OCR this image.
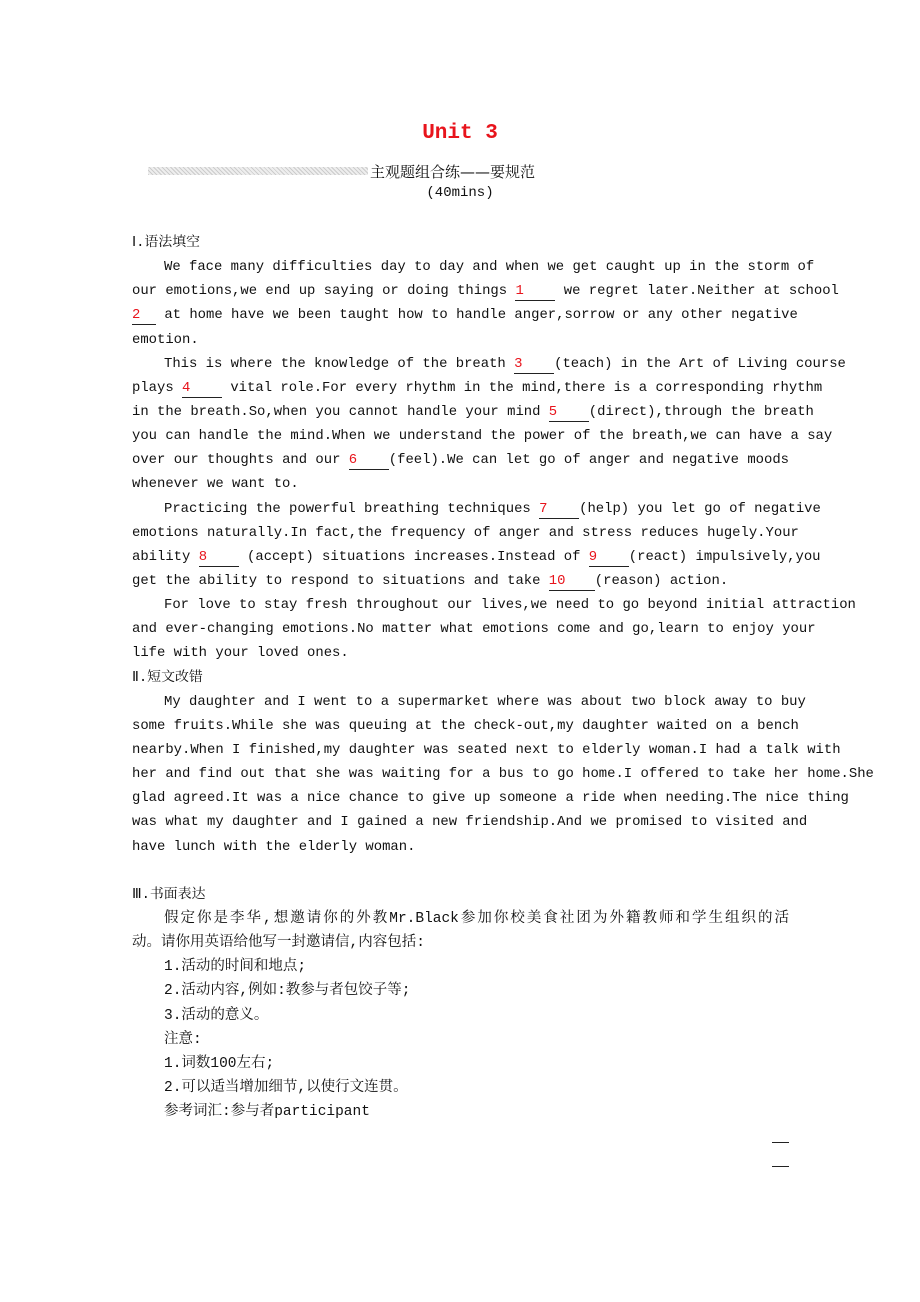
Unit 3
主观题组合练——要规范
(40mins)
Ⅰ.语法填空
We face many difficulties day to day and when we get caught up in the storm of
our emotions,we end up saying or doing things 1 we regret later.Neither at school
2 at home have we been taught how to handle anger,sorrow or any other negative
emotion.
This is where the knowledge of the breath 3 (teach) in the Art of Living course
plays 4 vital role.For every rhythm in the mind,there is a corresponding rhythm
in the breath.So,when you cannot handle your mind 5 (direct),through the breath
you can handle the mind.When we understand the power of the breath,we can have a say
over our thoughts and our 6 (feel).We can let go of anger and negative moods
whenever we want to.
Practicing the powerful breathing techniques 7 (help) you let go of negative
emotions naturally.In fact,the frequency of anger and stress reduces hugely.Your
ability 8 (accept) situations increases.Instead of 9 (react) impulsively,you
get the ability to respond to situations and take 10 (reason) action.
For love to stay fresh throughout our lives,we need to go beyond initial attraction
and ever-changing emotions.No matter what emotions come and go,learn to enjoy your
life with your loved ones.
Ⅱ.短文改错
My daughter and I went to a supermarket where was about two block away to buy
some fruits.While she was queuing at the check-out,my daughter waited on a bench
nearby.When I finished,my daughter was seated next to elderly woman.I had a talk with
her and find out that she was waiting for a bus to go home.I offered to take her home.She
glad agreed.It was a nice chance to give up someone a ride when needing.The nice thing
was what my daughter and I gained a new friendship.And we promised to visited and
have lunch with the elderly woman.
Ⅲ.书面表达
假定你是李华,想邀请你的外教Mr.Black参加你校美食社团为外籍教师和学生组织的活
动。请你用英语给他写一封邀请信,内容包括:
1.活动的时间和地点;
2.活动内容,例如:教参与者包饺子等;
3.活动的意义。
注意:
1.词数100左右;
2.可以适当增加细节,以使行文连贯。
参考词汇:参与者participant
